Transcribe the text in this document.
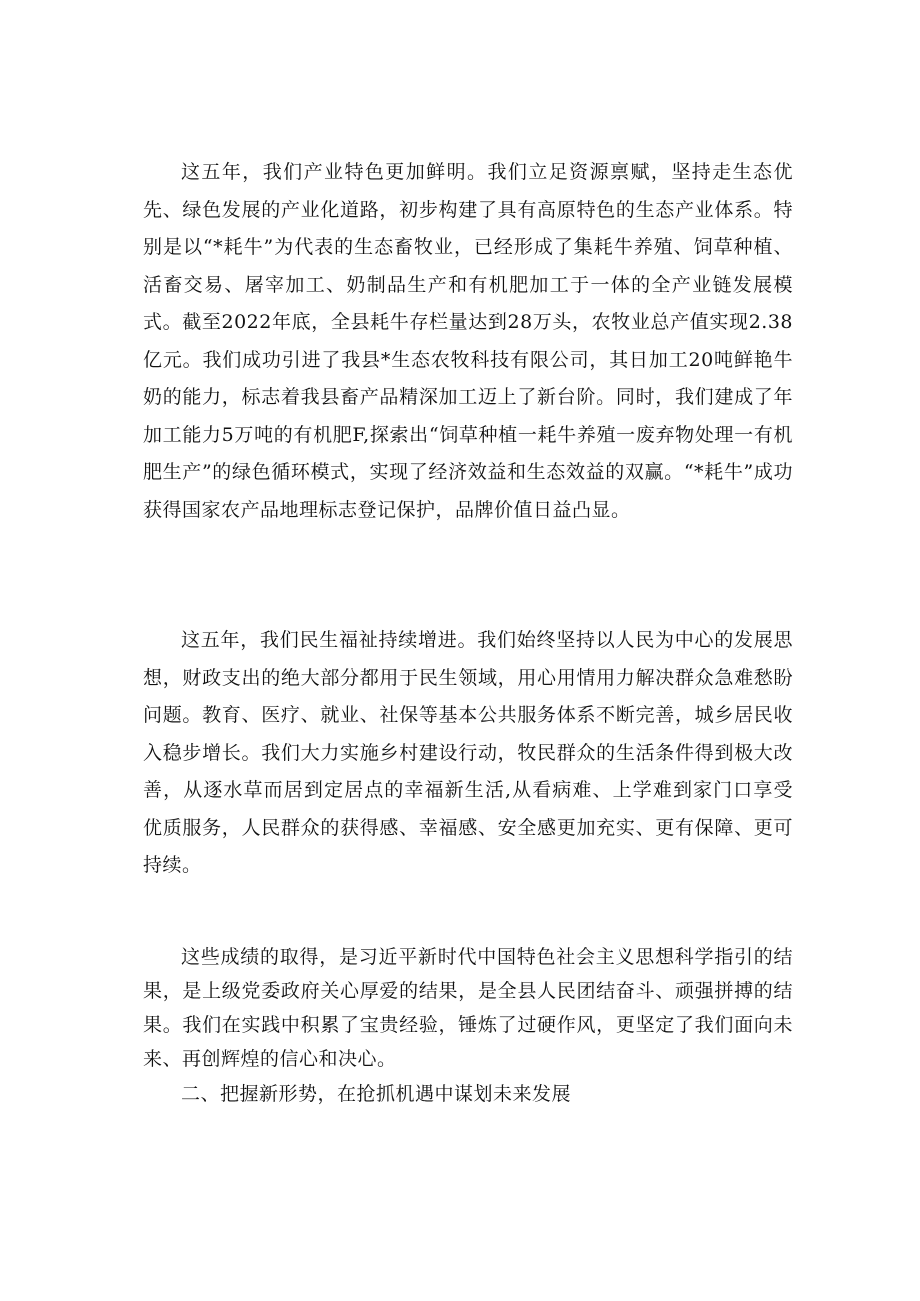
这五年，我们产业特色更加鲜明。我们立足资源禀赋，坚持走生态优先、绿色发展的产业化道路，初步构建了具有高原特色的生态产业体系。特别是以“*耗牛”为代表的生态畜牧业，已经形成了集耗牛养殖、饲草种植、活畜交易、屠宰加工、奶制品生产和有机肥加工于一体的全产业链发展模式。截至2022年底，全县耗牛存栏量达到28万头，农牧业总产值实现2.38亿元。我们成功引进了我县*生态农牧科技有限公司，其日加工20吨鲜艳牛奶的能力，标志着我县畜产品精深加工迈上了新台阶。同时，我们建成了年加工能力5万吨的有机肥F,探索出“饲草种植一耗牛养殖一废弃物处理一有机肥生产”的绿色循环模式，实现了经济效益和生态效益的双赢。“*耗牛”成功获得国家农产品地理标志登记保护，品牌价值日益凸显。

这五年，我们民生福祉持续增进。我们始终坚持以人民为中心的发展思想，财政支出的绝大部分都用于民生领域，用心用情用力解决群众急难愁盼问题。教育、医疗、就业、社保等基本公共服务体系不断完善，城乡居民收入稳步增长。我们大力实施乡村建设行动，牧民群众的生活条件得到极大改善，从逐水草而居到定居点的幸福新生活,从看病难、上学难到家门口享受优质服务，人民群众的获得感、幸福感、安全感更加充实、更有保障、更可持续。

这些成绩的取得，是习近平新时代中国特色社会主义思想科学指引的结果，是上级党委政府关心厚爱的结果，是全县人民团结奋斗、顽强拼搏的结果。我们在实践中积累了宝贵经验，锤炼了过硬作风，更坚定了我们面向未来、再创辉煌的信心和决心。

二、把握新形势，在抢抓机遇中谋划未来发展
